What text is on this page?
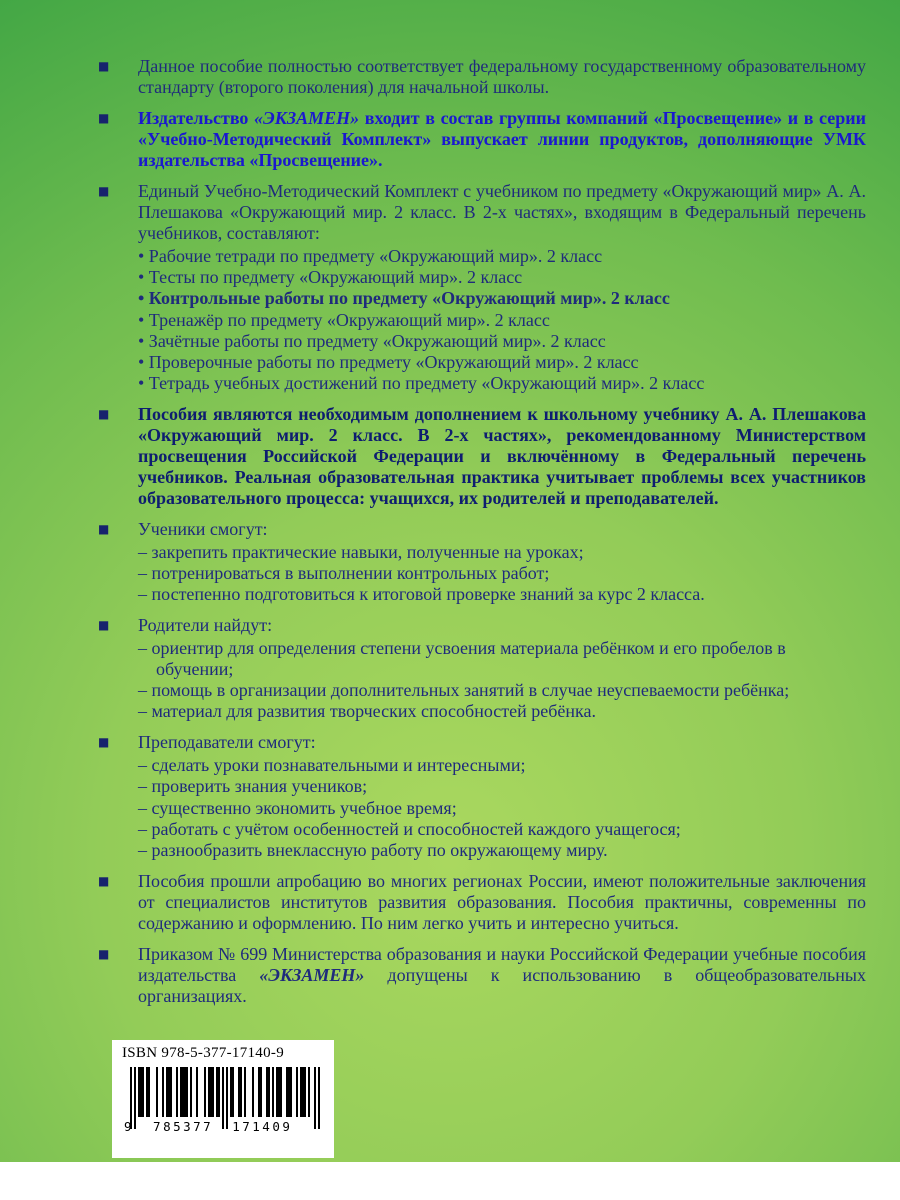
■	Данное пособие полностью соответствует федеральному государственному образовательному стандарту (второго поколения) для начальной школы.
■	Издательство «ЭКЗАМЕН» входит в состав группы компаний «Просвещение» и в серии «Учебно-Методический Комплект» выпускает линии продуктов, дополняющие УМК издательства «Просвещение».
■	Единый Учебно-Методический Комплект с учебником по предмету «Окружающий мир» А. А. Плешакова «Окружающий мир. 2 класс. В 2-х частях», входящим в Федеральный перечень учебников, составляют:
• Рабочие тетради по предмету «Окружающий мир». 2 класс
• Тесты по предмету «Окружающий мир». 2 класс
• Контрольные работы по предмету «Окружающий мир». 2 класс
• Тренажёр по предмету «Окружающий мир». 2 класс
• Зачётные работы по предмету «Окружающий мир». 2 класс
• Проверочные работы по предмету «Окружающий мир». 2 класс
• Тетрадь учебных достижений по предмету «Окружающий мир». 2 класс
■	Пособия являются необходимым дополнением к школьному учебнику А. А. Плешакова «Окружающий мир. 2 класс. В 2-х частях», рекомендованному Министерством просвещения Российской Федерации и включённому в Федеральный перечень учебников. Реальная образовательная практика учитывает проблемы всех участников образовательного процесса: учащихся, их родителей и преподавателей.
■	Ученики смогут:
– закрепить практические навыки, полученные на уроках;
– потренироваться в выполнении контрольных работ;
– постепенно подготовиться к итоговой проверке знаний за курс 2 класса.
■	Родители найдут:
– ориентир для определения степени усвоения материала ребёнком и его пробелов в обучении;
– помощь в организации дополнительных занятий в случае неуспеваемости ребёнка;
– материал для развития творческих способностей ребёнка.
■	Преподаватели смогут:
– сделать уроки познавательными и интересными;
– проверить знания учеников;
– существенно экономить учебное время;
– работать с учётом особенностей и способностей каждого учащегося;
– разнообразить внеклассную работу по окружающему миру.
■	Пособия прошли апробацию во многих регионах России, имеют положительные заключения от специалистов институтов развития образования. Пособия практичны, современны по содержанию и оформлению. По ним легко учить и интересно учиться.
■	Приказом № 699 Министерства образования и науки Российской Федерации учебные пособия издательства «ЭКЗАМЕН» допущены к использованию в общеобразовательных организациях.
ISBN 978-5-377-17140-9
9 785377 171409
